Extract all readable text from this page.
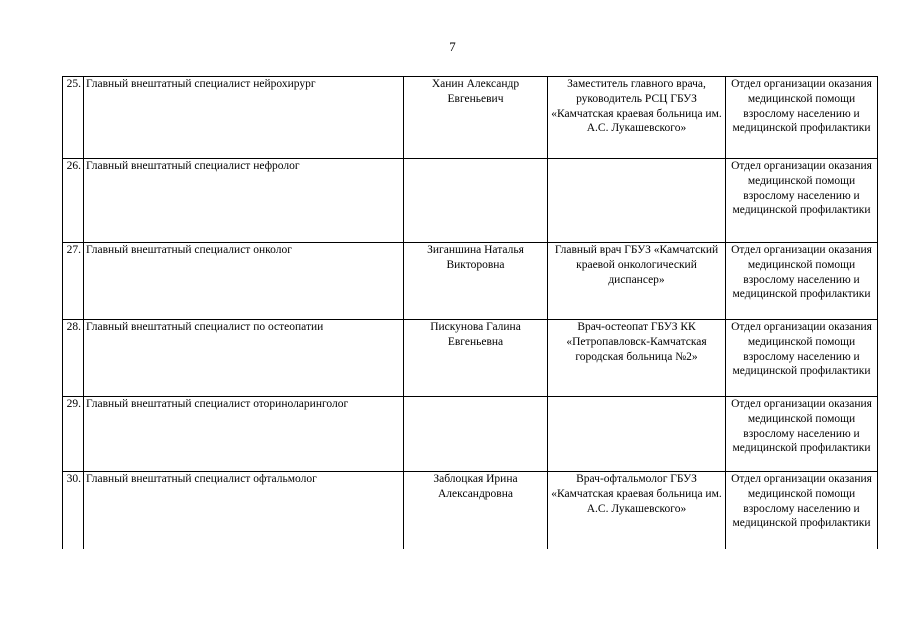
7
25.	Главный внештатный специалист нейрохирург	Ханин Александр Евгеньевич	Заместитель главного врача, руководитель РСЦ ГБУЗ «Камчатская краевая больница им. А.С. Лукашевского»	Отдел организации оказания медицинской помощи взрослому населению и медицинской профилактики
26.	Главный внештатный специалист нефролог			Отдел организации оказания медицинской помощи взрослому населению и медицинской профилактики
27.	Главный внештатный специалист онколог	Зиганшина Наталья Викторовна	Главный врач ГБУЗ «Камчатский краевой онкологический диспансер»	Отдел организации оказания медицинской помощи взрослому населению и медицинской профилактики
28.	Главный внештатный специалист по остеопатии	Пискунова Галина Евгеньевна	Врач-остеопат ГБУЗ КК «Петропавловск-Камчатская городская больница №2»	Отдел организации оказания медицинской помощи взрослому населению и медицинской профилактики
29.	Главный внештатный специалист оториноларинголог			Отдел организации оказания медицинской помощи взрослому населению и медицинской профилактики
30.	Главный внештатный специалист офтальмолог	Заблоцкая Ирина Александровна	Врач-офтальмолог ГБУЗ «Камчатская краевая больница им. А.С. Лукашевского»	Отдел организации оказания медицинской помощи взрослому населению и медицинской профилактики
